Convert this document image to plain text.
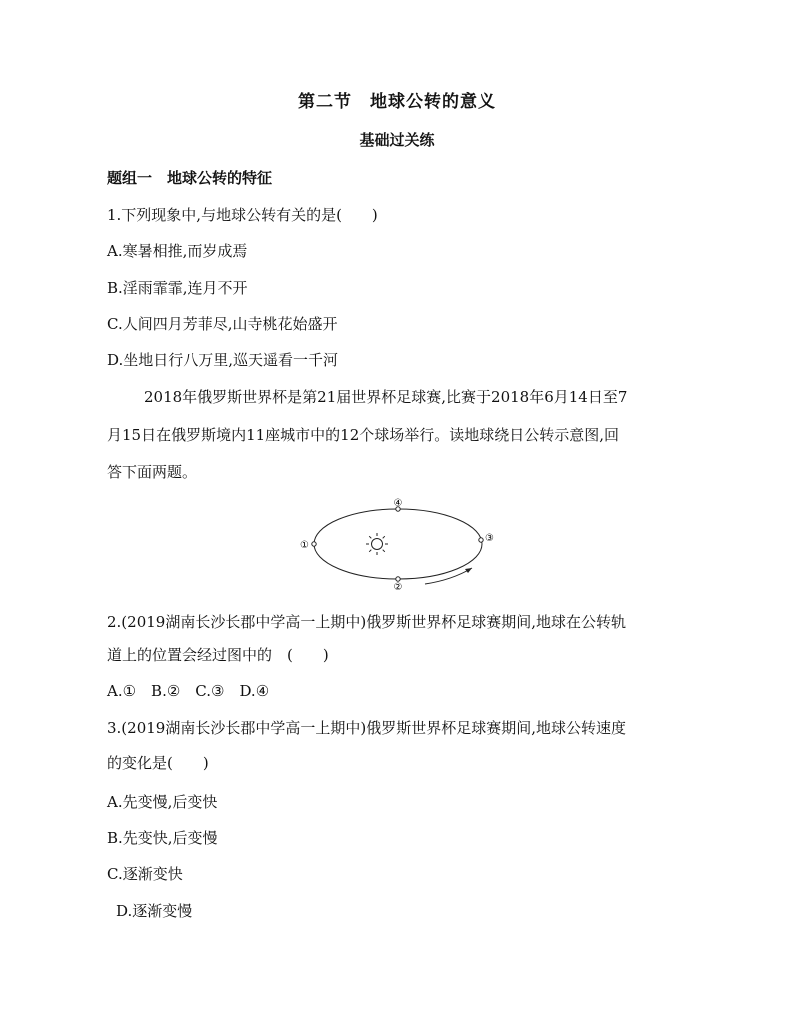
第二节　地球公转的意义
基础过关练
题组一　地球公转的特征
1.下列现象中,与地球公转有关的是(　　)
A.寒暑相推,而岁成焉
B.淫雨霏霏,连月不开
C.人间四月芳菲尽,山寺桃花始盛开
D.坐地日行八万里,巡天遥看一千河
2018年俄罗斯世界杯是第21届世界杯足球赛,比赛于2018年6月14日至7
月15日在俄罗斯境内11座城市中的12个球场举行。读地球绕日公转示意图,回
答下面两题。
①
②
③
④
2.(2019湖南长沙长郡中学高一上期中)俄罗斯世界杯足球赛期间,地球在公转轨
道上的位置会经过图中的　(　　)
A.①　B.②　C.③　D.④
3.(2019湖南长沙长郡中学高一上期中)俄罗斯世界杯足球赛期间,地球公转速度
的变化是(　　)
A.先变慢,后变快
B.先变快,后变慢
C.逐渐变快
D.逐渐变慢
